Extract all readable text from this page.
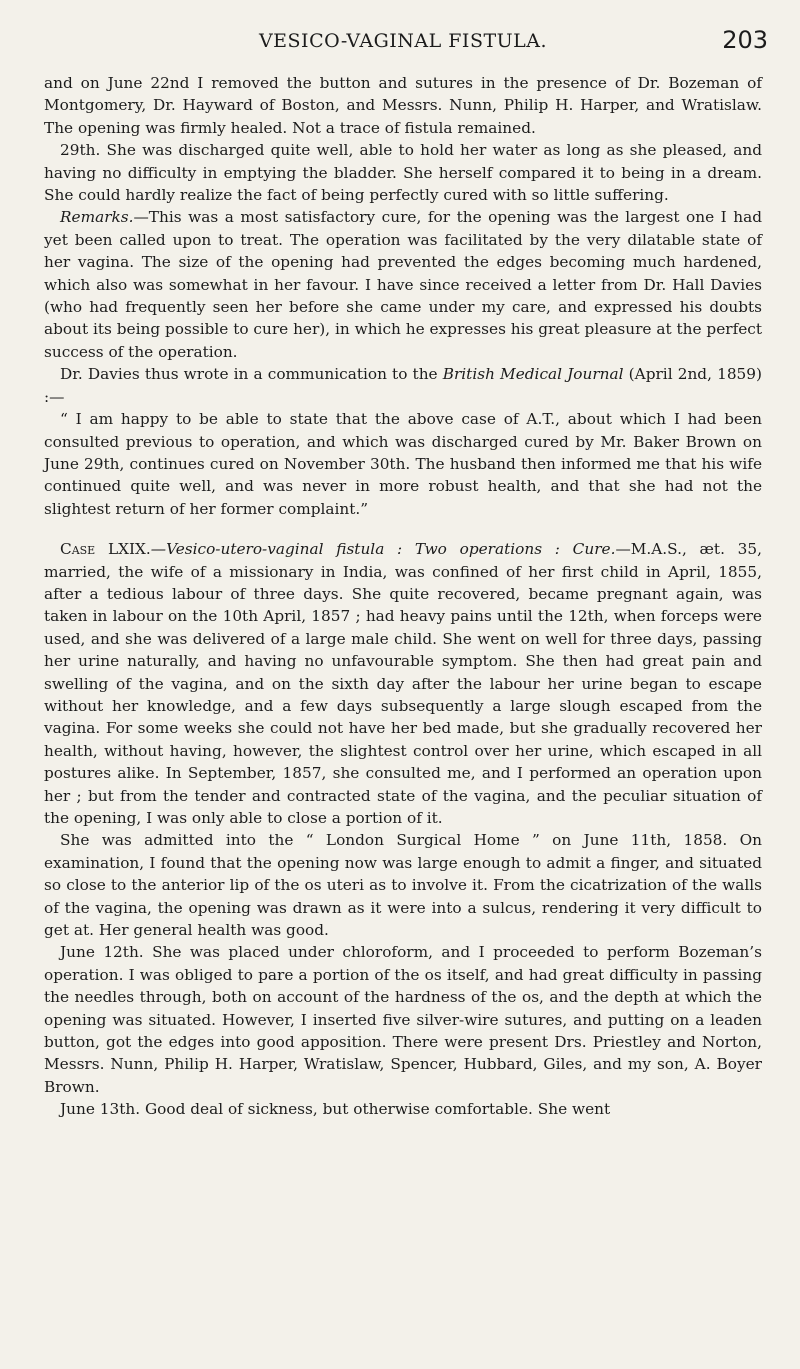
VESICO-VAGINAL FISTULA.	203

and on June 22nd I removed the button and sutures in the presence of Dr. Bozeman of Montgomery, Dr. Hayward of Boston, and Messrs. Nunn, Philip H. Harper, and Wratislaw. The opening was firmly healed. Not a trace of fistula remained.

29th. She was discharged quite well, able to hold her water as long as she pleased, and having no difficulty in emptying the bladder. She herself compared it to being in a dream. She could hardly realize the fact of being perfectly cured with so little suffering.

Remarks.—This was a most satisfactory cure, for the opening was the largest one I had yet been called upon to treat. The operation was facilitated by the very dilatable state of her vagina. The size of the opening had prevented the edges becoming much hardened, which also was somewhat in her favour. I have since received a letter from Dr. Hall Davies (who had frequently seen her before she came under my care, and expressed his doubts about its being possible to cure her), in which he expresses his great pleasure at the perfect success of the operation.

Dr. Davies thus wrote in a communication to the British Medical Journal (April 2nd, 1859) :—

“ I am happy to be able to state that the above case of A.T., about which I had been consulted previous to operation, and which was discharged cured by Mr. Baker Brown on June 29th, continues cured on November 30th. The husband then informed me that his wife continued quite well, and was never in more robust health, and that she had not the slightest return of her former complaint.”

Case LXIX.—Vesico-utero-vaginal fistula : Two operations : Cure.—M.A.S., æt. 35, married, the wife of a missionary in India, was confined of her first child in April, 1855, after a tedious labour of three days. She quite recovered, became pregnant again, was taken in labour on the 10th April, 1857 ; had heavy pains until the 12th, when forceps were used, and she was delivered of a large male child. She went on well for three days, passing her urine naturally, and having no unfavourable symptom. She then had great pain and swelling of the vagina, and on the sixth day after the labour her urine began to escape without her knowledge, and a few days subsequently a large slough escaped from the vagina. For some weeks she could not have her bed made, but she gradually recovered her health, without having, however, the slightest control over her urine, which escaped in all postures alike. In September, 1857, she consulted me, and I performed an operation upon her ; but from the tender and contracted state of the vagina, and the peculiar situation of the opening, I was only able to close a portion of it.

She was admitted into the “ London Surgical Home ” on June 11th, 1858. On examination, I found that the opening now was large enough to admit a finger, and situated so close to the anterior lip of the os uteri as to involve it. From the cicatrization of the walls of the vagina, the opening was drawn as it were into a sulcus, rendering it very difficult to get at. Her general health was good.

June 12th. She was placed under chloroform, and I proceeded to perform Bozeman’s operation. I was obliged to pare a portion of the os itself, and had great difficulty in passing the needles through, both on account of the hardness of the os, and the depth at which the opening was situated. However, I inserted five silver-wire sutures, and putting on a leaden button, got the edges into good apposition. There were present Drs. Priestley and Norton, Messrs. Nunn, Philip H. Harper, Wratislaw, Spencer, Hubbard, Giles, and my son, A. Boyer Brown.

June 13th. Good deal of sickness, but otherwise comfortable. She went
